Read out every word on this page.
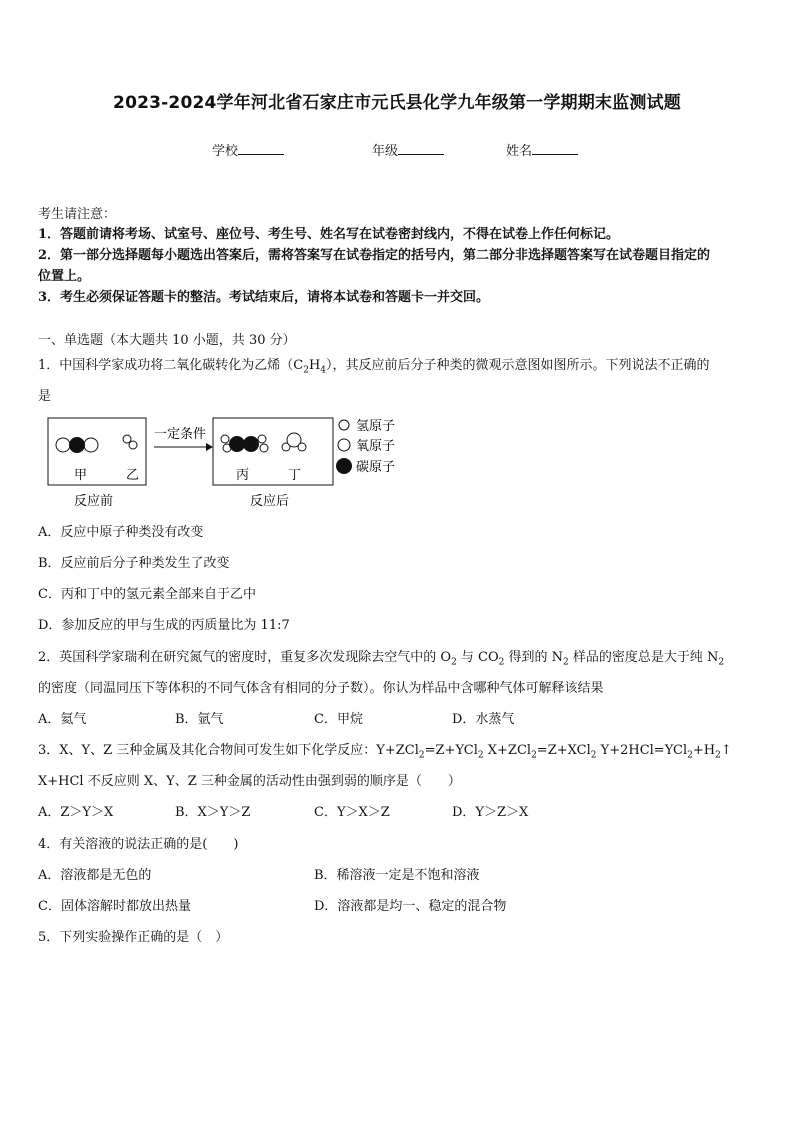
2023-2024学年河北省石家庄市元氏县化学九年级第一学期期末监测试题
学校	年级	姓名
考生请注意：
1．答题前请将考场、试室号、座位号、考生号、姓名写在试卷密封线内，不得在试卷上作任何标记。
2．第一部分选择题每小题选出答案后，需将答案写在试卷指定的括号内，第二部分非选择题答案写在试卷题目指定的
位置上。
3．考生必须保证答题卡的整洁。考试结束后，请将本试卷和答题卡一并交回。
一、单选题（本大题共 10 小题，共 30 分）
1．中国科学家成功将二氧化碳转化为乙烯$(C_2H_4)$，其反应前后分子种类的微观示意图如图所示。下列说法不正确的
是
甲	乙
反应前
一定条件
丙	丁
反应后
氢原子
氧原子
碳原子
A．反应中原子种类没有改变
B．反应前后分子种类发生了改变
C．丙和丁中的氢元素全部来自于乙中
D．参加反应的甲与生成的丙质量比为 11:7
2．英国科学家瑞利在研究氮气的密度时，重复多次发现除去空气中的 $O_2$ 与 $CO_2$ 得到的 $N_2$ 样品的密度总是大于纯 $N_2$
的密度（同温同压下等体积的不同气体含有相同的分子数）。你认为样品中含哪种气体可解释该结果
A．氦气	B．氩气	C．甲烷	D．水蒸气
3．X、Y、Z 三种金属及其化合物间可发生如下化学反应：Y+ZCl$_2$=Z+YCl$_2$ X+ZCl$_2$=Z+XCl$_2$ $Y+2HCl=YCl_2+H_2↑$
X+HCl 不反应则 X、Y、Z 三种金属的活动性由强到弱的顺序是（　　）
A．Z＞Y＞X	B．X＞Y＞Z	C．Y＞X＞Z	D．Y＞Z＞X
4．有关溶液的说法正确的是(　　)
A．溶液都是无色的	B．稀溶液一定是不饱和溶液
C．固体溶解时都放出热量	D．溶液都是均一、稳定的混合物
5．下列实验操作正确的是（　）
